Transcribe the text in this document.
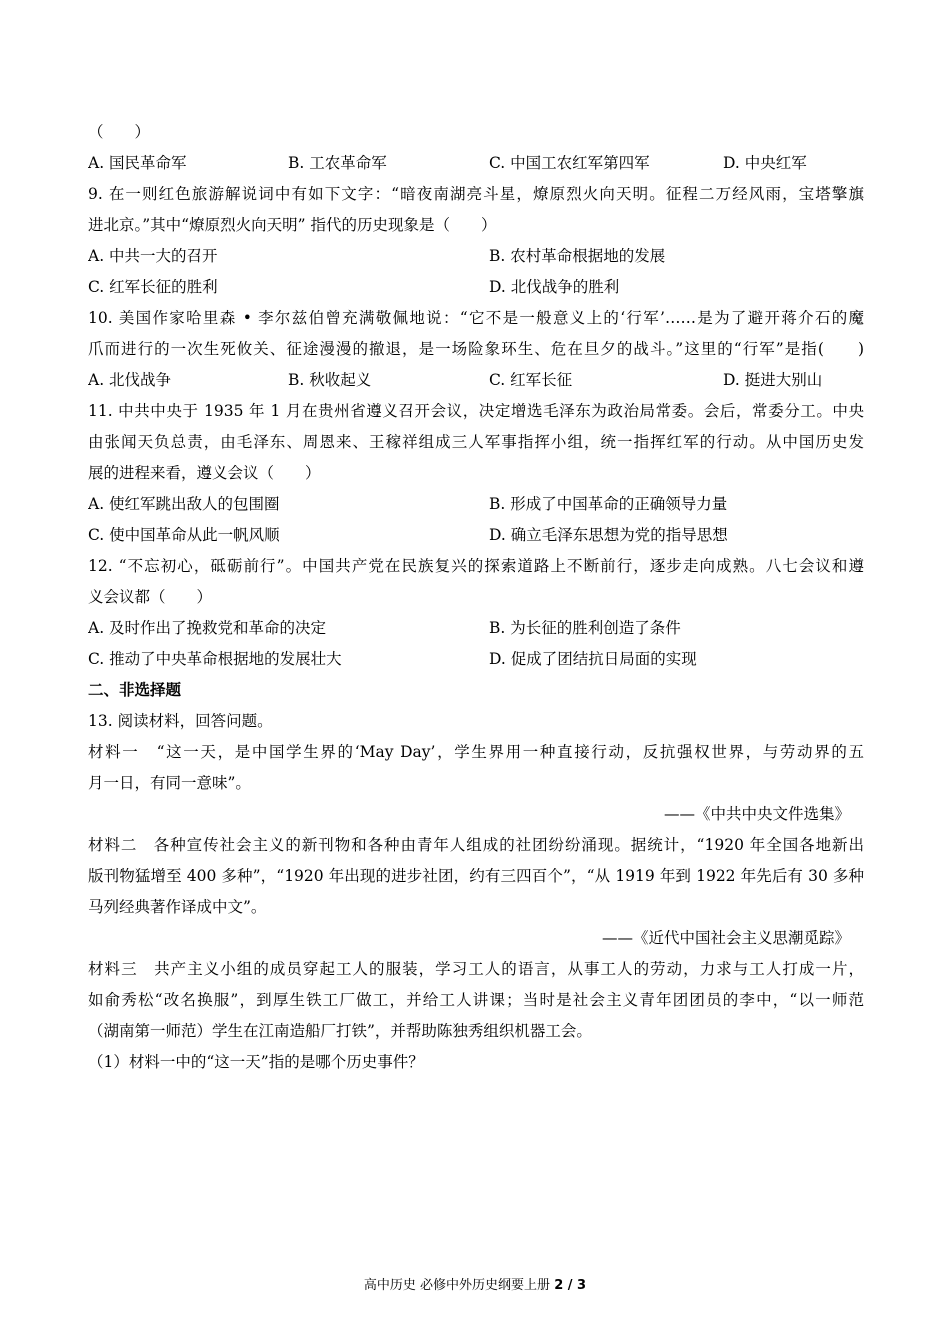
（　　）
A. 国民革命军	B. 工农革命军	C. 中国工农红军第四军	D. 中央红军
9. 在一则红色旅游解说词中有如下文字：“暗夜南湖亮斗星，燎原烈火向天明。征程二万经风雨，宝塔擎旗
进北京。”其中“燎原烈火向天明” 指代的历史现象是（　　）
A. 中共一大的召开	B. 农村革命根据地的发展
C. 红军长征的胜利	D. 北伐战争的胜利
10. 美国作家哈里森 • 李尔兹伯曾充满敬佩地说：“它不是一般意义上的‘行军’……是为了避开蒋介石的魔
爪而进行的一次生死攸关、征途漫漫的撤退，是一场险象环生、危在旦夕的战斗。”这里的“行军”是指(　　)
A. 北伐战争	B. 秋收起义	C. 红军长征	D. 挺进大别山
11. 中共中央于 1935 年 1 月在贵州省遵义召开会议，决定增选毛泽东为政治局常委。会后，常委分工。中央
由张闻天负总责，由毛泽东、周恩来、王稼祥组成三人军事指挥小组，统一指挥红军的行动。从中国历史发
展的进程来看，遵义会议（　　）
A. 使红军跳出敌人的包围圈	B. 形成了中国革命的正确领导力量
C. 使中国革命从此一帆风顺	D. 确立毛泽东思想为党的指导思想
12. “不忘初心，砥砺前行”。中国共产党在民族复兴的探索道路上不断前行，逐步走向成熟。八七会议和遵
义会议都（　　）
A. 及时作出了挽救党和革命的决定	B. 为长征的胜利创造了条件
C. 推动了中央革命根据地的发展壮大	D. 促成了团结抗日局面的实现
二、非选择题
13. 阅读材料，回答问题。
材料一　“这一天，是中国学生界的‘May Day’，学生界用一种直接行动，反抗强权世界，与劳动界的五
月一日，有同一意味”。
——《中共中央文件选集》
材料二　各种宣传社会主义的新刊物和各种由青年人组成的社团纷纷涌现。据统计，“1920 年全国各地新出
版刊物猛增至 400 多种”，“1920 年出现的进步社团，约有三四百个”，“从 1919 年到 1922 年先后有 30 多种
马列经典著作译成中文”。
——《近代中国社会主义思潮觅踪》
材料三　共产主义小组的成员穿起工人的服装，学习工人的语言，从事工人的劳动，力求与工人打成一片，
如俞秀松“改名换服”，到厚生铁工厂做工，并给工人讲课；当时是社会主义青年团团员的李中，“以一师范
（湖南第一师范）学生在江南造船厂打铁”，并帮助陈独秀组织机器工会。
（1）材料一中的“这一天”指的是哪个历史事件？
高中历史 必修中外历史纲要上册 2 / 3
